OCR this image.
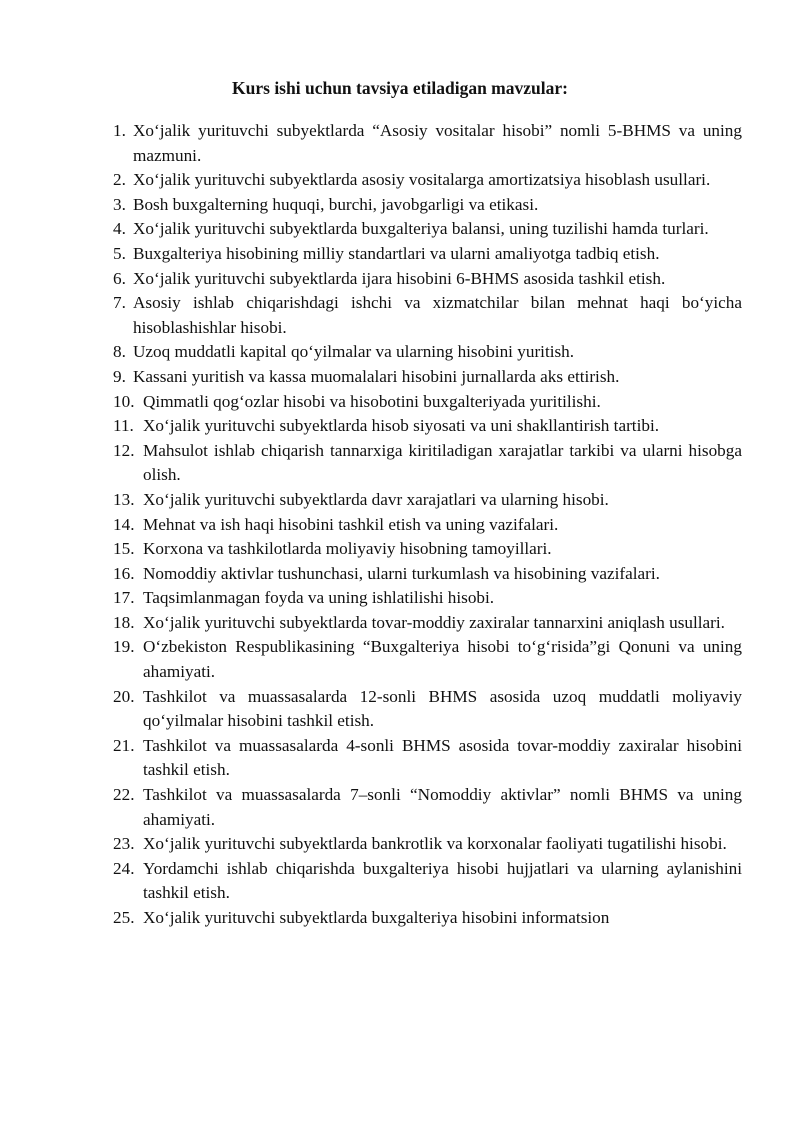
Kurs ishi uchun tavsiya etiladigan mavzular:
1. Xo‘jalik yurituvchi subyektlarda “Asosiy vositalar hisobi” nomli 5-BHMS va uning mazmuni.
2. Xo‘jalik yurituvchi subyektlarda asosiy vositalarga amortizatsiya hisoblash usullari.
3. Bosh buxgalterning huquqi, burchi, javobgarligi va etikasi.
4. Xo‘jalik yurituvchi subyektlarda buxgalteriya balansi, uning tuzilishi hamda turlari.
5. Buxgalteriya hisobining milliy standartlari va ularni amaliyotga tadbiq etish.
6. Xo‘jalik yurituvchi subyektlarda ijara hisobini 6-BHMS asosida tashkil etish.
7. Asosiy ishlab chiqarishdagi ishchi va xizmatchilar bilan mehnat haqi bo‘yicha hisoblashishlar hisobi.
8. Uzoq muddatli kapital qo‘yilmalar va ularning hisobini yuritish.
9. Kassani yuritish va kassa muomalalari hisobini jurnallarda aks ettirish.
10. Qimmatli qog‘ozlar hisobi va hisobotini buxgalteriyada yuritilishi.
11. Xo‘jalik yurituvchi subyektlarda hisob siyosati va uni shakllantirish tartibi.
12. Mahsulot ishlab chiqarish tannarxiga kiritiladigan xarajatlar tarkibi va ularni hisobga olish.
13. Xo‘jalik yurituvchi subyektlarda davr xarajatlari va ularning hisobi.
14. Mehnat va ish haqi hisobini tashkil etish va uning vazifalari.
15. Korxona va tashkilotlarda moliyaviy hisobning tamoyillari.
16. Nomoddiy aktivlar tushunchasi, ularni turkumlash va hisobining vazifalari.
17. Taqsimlanmagan foyda va uning ishlatilishi hisobi.
18. Xo‘jalik yurituvchi subyektlarda tovar-moddiy zaxiralar tannarxini aniqlash usullari.
19. O‘zbekiston Respublikasining “Buxgalteriya hisobi to‘g‘risida”gi Qonuni va uning ahamiyati.
20. Tashkilot va muassasalarda 12-sonli BHMS asosida uzoq muddatli moliyaviy qo‘yilmalar hisobini tashkil etish.
21. Tashkilot va muassasalarda 4-sonli BHMS asosida tovar-moddiy zaxiralar hisobini tashkil etish.
22. Tashkilot va muassasalarda 7–sonli “Nomoddiy aktivlar” nomli BHMS va uning ahamiyati.
23. Xo‘jalik yurituvchi subyektlarda bankrotlik va korxonalar faoliyati tugatilishi hisobi.
24. Yordamchi ishlab chiqarishda buxgalteriya hisobi hujjatlari va ularning aylanishini tashkil etish.
25. Xo‘jalik yurituvchi subyektlarda buxgalteriya hisobini informatsion
